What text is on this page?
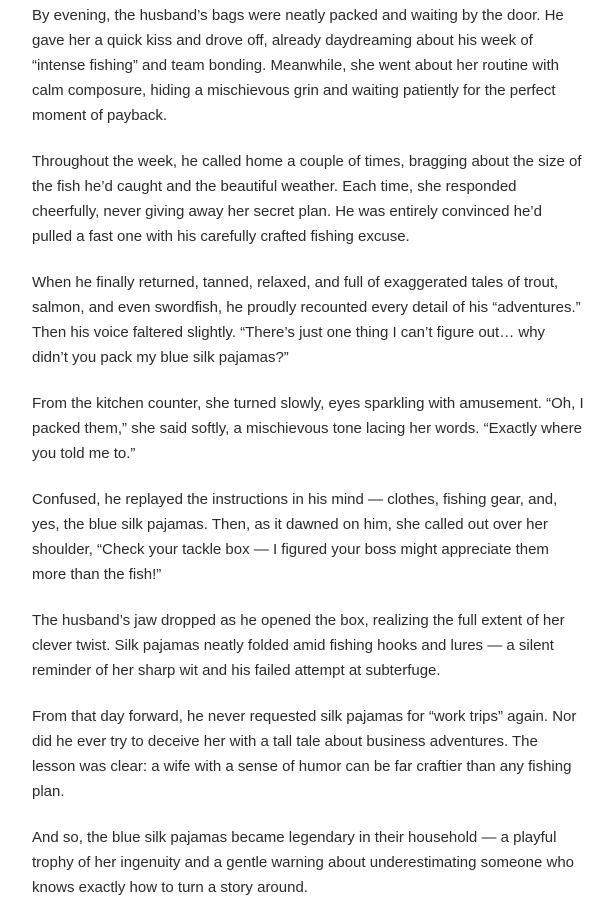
By evening, the husband’s bags were neatly packed and waiting by the door. He gave her a quick kiss and drove off, already daydreaming about his week of “intense fishing” and team bonding. Meanwhile, she went about her routine with calm composure, hiding a mischievous grin and waiting patiently for the perfect moment of payback.

Throughout the week, he called home a couple of times, bragging about the size of the fish he’d caught and the beautiful weather. Each time, she responded cheerfully, never giving away her secret plan. He was entirely convinced he’d pulled a fast one with his carefully crafted fishing excuse.

When he finally returned, tanned, relaxed, and full of exaggerated tales of trout, salmon, and even swordfish, he proudly recounted every detail of his “adventures.” Then his voice faltered slightly. “There’s just one thing I can’t figure out… why didn’t you pack my blue silk pajamas?”

From the kitchen counter, she turned slowly, eyes sparkling with amusement. “Oh, I packed them,” she said softly, a mischievous tone lacing her words. “Exactly where you told me to.”

Confused, he replayed the instructions in his mind — clothes, fishing gear, and, yes, the blue silk pajamas. Then, as it dawned on him, she called out over her shoulder, “Check your tackle box — I figured your boss might appreciate them more than the fish!”

The husband’s jaw dropped as he opened the box, realizing the full extent of her clever twist. Silk pajamas neatly folded amid fishing hooks and lures — a silent reminder of her sharp wit and his failed attempt at subterfuge.

From that day forward, he never requested silk pajamas for “work trips” again. Nor did he ever try to deceive her with a tall tale about business adventures. The lesson was clear: a wife with a sense of humor can be far craftier than any fishing plan.

And so, the blue silk pajamas became legendary in their household — a playful trophy of her ingenuity and a gentle warning about underestimating someone who knows exactly how to turn a story around.
